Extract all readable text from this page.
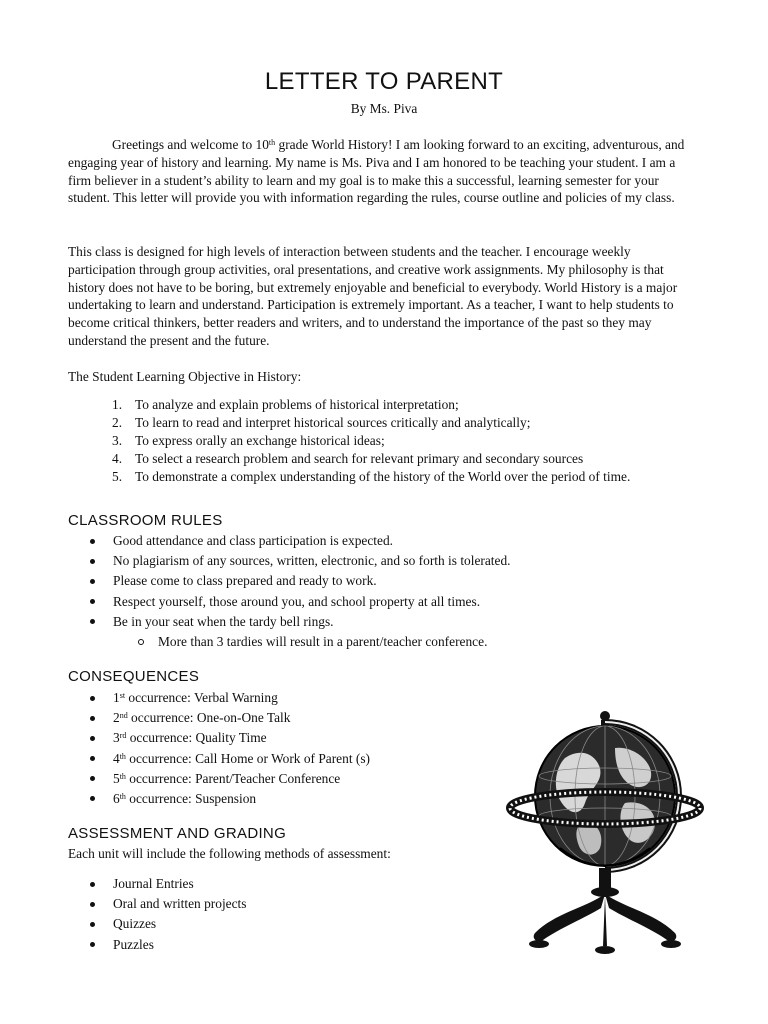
LETTER TO PARENT

By Ms. Piva

Greetings and welcome to 10th grade World History! I am looking forward to an exciting, adventurous, and engaging year of history and learning. My name is Ms. Piva and I am honored to be teaching your student. I am a firm believer in a student’s ability to learn and my goal is to make this a successful, learning semester for your student. This letter will provide you with information regarding the rules, course outline and policies of my class.

This class is designed for high levels of interaction between students and the teacher. I encourage weekly participation through group activities, oral presentations, and creative work assignments. My philosophy is that history does not have to be boring, but extremely enjoyable and beneficial to everybody. World History is a major undertaking to learn and understand. Participation is extremely important. As a teacher, I want to help students to become critical thinkers, better readers and writers, and to understand the importance of the past so they may understand the present and the future.

The Student Learning Objective in History:

1. To analyze and explain problems of historical interpretation;
2. To learn to read and interpret historical sources critically and analytically;
3. To express orally an exchange historical ideas;
4. To select a research problem and search for relevant primary and secondary sources
5. To demonstrate a complex understanding of the history of the World over the period of time.
CLASSROOM RULES
Good attendance and class participation is expected.
No plagiarism of any sources, written, electronic, and so forth is tolerated.
Please come to class prepared and ready to work.
Respect yourself, those around you, and school property at all times.
Be in your seat when the tardy bell rings.
More than 3 tardies will result in a parent/teacher conference.
CONSEQUENCES
1st occurrence: Verbal Warning
2nd occurrence: One-on-One Talk
3rd occurrence: Quality Time
4th occurrence: Call Home or Work of Parent (s)
5th occurrence: Parent/Teacher Conference
6th occurrence: Suspension
ASSESSMENT AND GRADING

Each unit will include the following methods of assessment:

Journal Entries
Oral and written projects
Quizzes
Puzzles
